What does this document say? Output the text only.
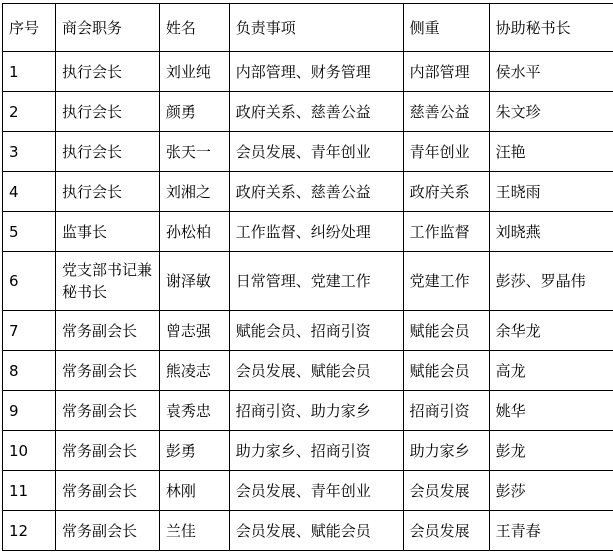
序号	商会职务	姓名	负责事项	侧重	协助秘书长
1	执行会长	刘业纯	内部管理、财务管理	内部管理	侯水平
2	执行会长	颜勇	政府关系、慈善公益	慈善公益	朱文珍
3	执行会长	张天一	会员发展、青年创业	青年创业	汪艳
4	执行会长	刘湘之	政府关系、慈善公益	政府关系	王晓雨
5	监事长	孙松柏	工作监督、纠纷处理	工作监督	刘晓燕
6	党支部书记兼秘书长	谢泽敏	日常管理、党建工作	党建工作	彭莎、罗晶伟
7	常务副会长	曾志强	赋能会员、招商引资	赋能会员	余华龙
8	常务副会长	熊凌志	会员发展、赋能会员	赋能会员	高龙
9	常务副会长	袁秀忠	招商引资、助力家乡	招商引资	姚华
10	常务副会长	彭勇	助力家乡、招商引资	助力家乡	彭龙
11	常务副会长	林刚	会员发展、青年创业	会员发展	彭莎
12	常务副会长	兰佳	会员发展、赋能会员	会员发展	王青春
